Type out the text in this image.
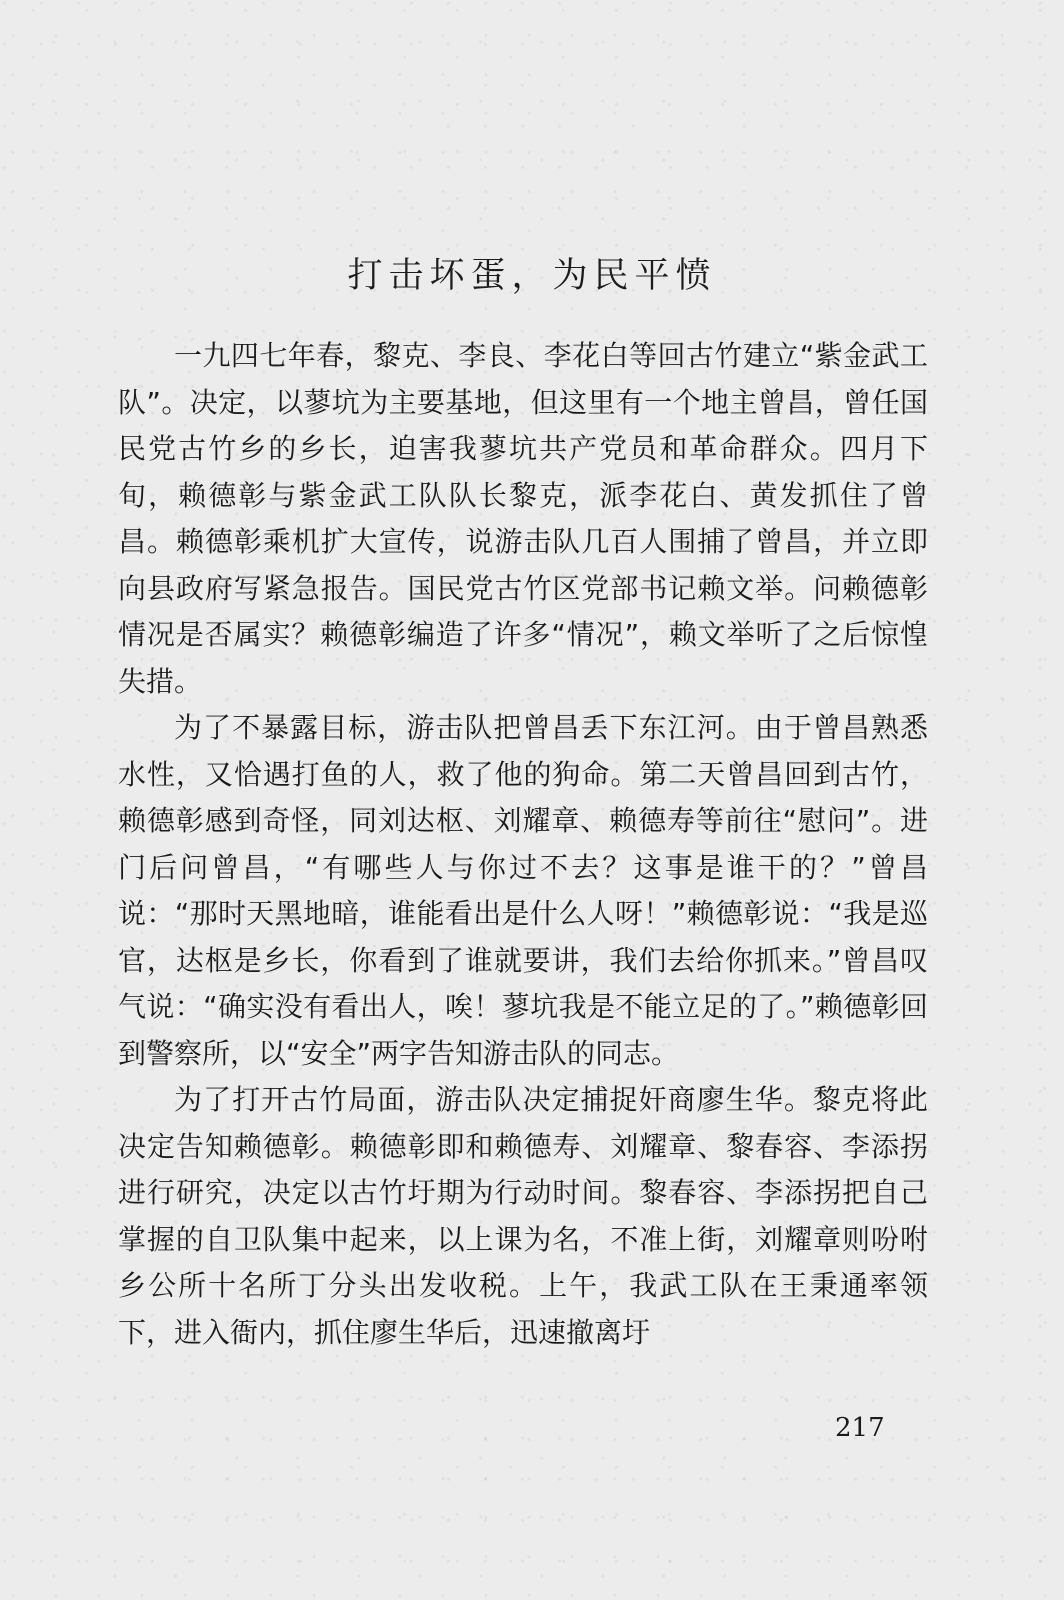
打击坏蛋，为民平愤

一九四七年春，黎克、李良、李花白等回古竹建立“紫金武工队”。决定，以蓼坑为主要基地，但这里有一个地主曾昌，曾任国民党古竹乡的乡长，迫害我蓼坑共产党员和革命群众。四月下旬，赖德彰与紫金武工队队长黎克，派李花白、黄发抓住了曾昌。赖德彰乘机扩大宣传，说游击队几百人围捕了曾昌，并立即向县政府写紧急报告。国民党古竹区党部书记赖文举。问赖德彰情况是否属实？赖德彰编造了许多“情况”，赖文举听了之后惊惶失措。

为了不暴露目标，游击队把曾昌丢下东江河。由于曾昌熟悉水性，又恰遇打鱼的人，救了他的狗命。第二天曾昌回到古竹，赖德彰感到奇怪，同刘达枢、刘耀章、赖德寿等前往“慰问”。进门后问曾昌，“有哪些人与你过不去？这事是谁干的？”曾昌说：“那时天黑地暗，谁能看出是什么人呀！”赖德彰说：“我是巡官，达枢是乡长，你看到了谁就要讲，我们去给你抓来。”曾昌叹气说：“确实没有看出人，唉！蓼坑我是不能立足的了。”赖德彰回到警察所，以“安全”两字告知游击队的同志。

为了打开古竹局面，游击队决定捕捉奸商廖生华。黎克将此决定告知赖德彰。赖德彰即和赖德寿、刘耀章、黎春容、李添拐进行研究，决定以古竹圩期为行动时间。黎春容、李添拐把自己掌握的自卫队集中起来，以上课为名，不准上街，刘耀章则吩咐乡公所十名所丁分头出发收税。上午，我武工队在王秉通率领下，进入衙内，抓住廖生华后，迅速撤离圩

217
